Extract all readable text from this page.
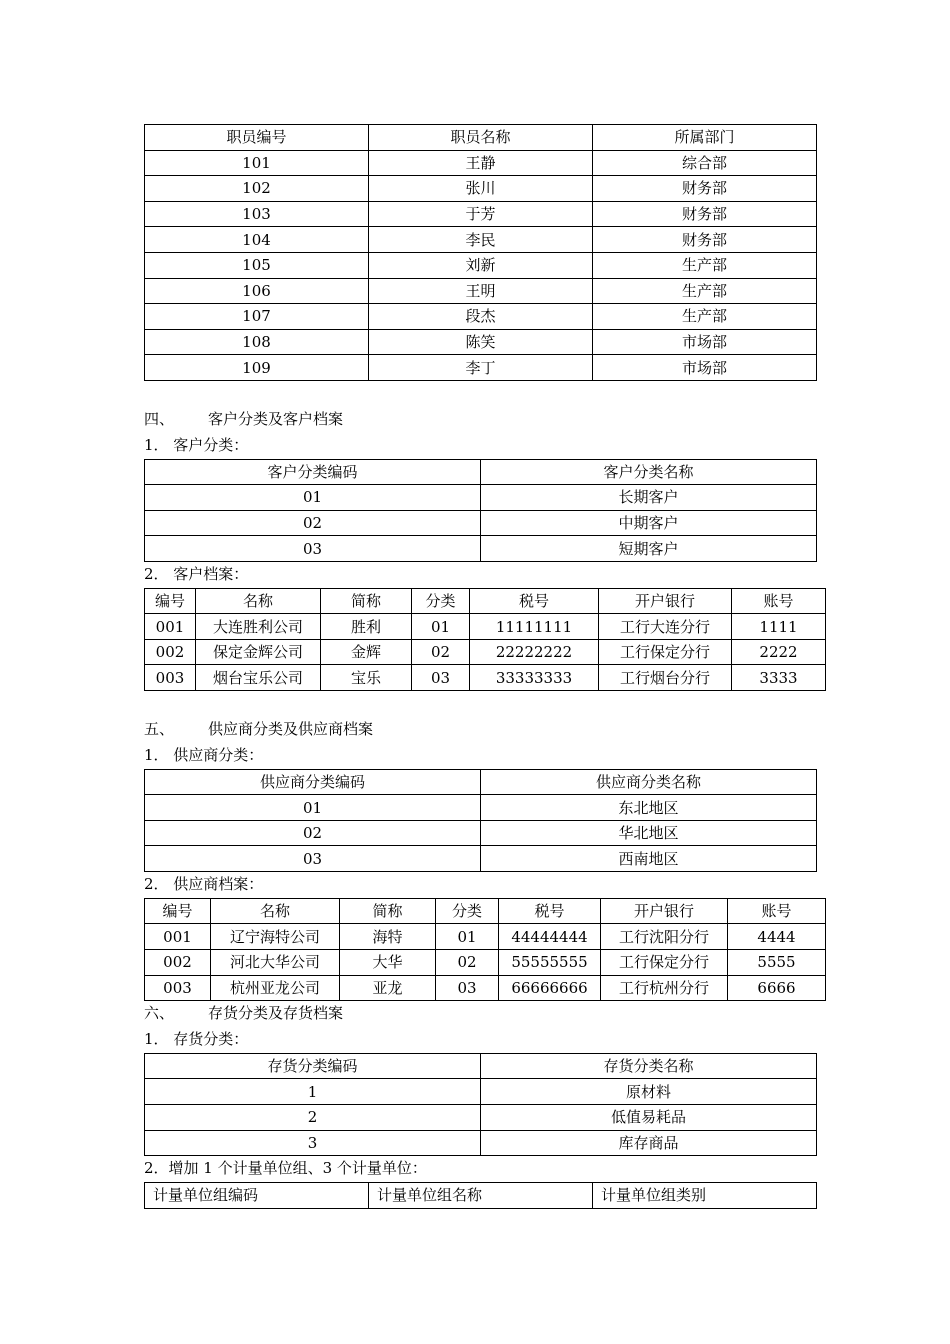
职员编号	职员名称	所属部门
101	王静	综合部
102	张川	财务部
103	于芳	财务部
104	李民	财务部
105	刘新	生产部
106	王明	生产部
107	段杰	生产部
108	陈笑	市场部
109	李丁	市场部
四、 客户分类及客户档案
1． 客户分类：
客户分类编码	客户分类名称
01	长期客户
02	中期客户
03	短期客户
2． 客户档案：
编号	名称	简称	分类	税号	开户银行	账号
001	大连胜利公司	胜利	01	11111111	工行大连分行	1111
002	保定金辉公司	金辉	02	22222222	工行保定分行	2222
003	烟台宝乐公司	宝乐	03	33333333	工行烟台分行	3333
五、 供应商分类及供应商档案
1． 供应商分类：
供应商分类编码	供应商分类名称
01	东北地区
02	华北地区
03	西南地区
2． 供应商档案：
编号	名称	简称	分类	税号	开户银行	账号
001	辽宁海特公司	海特	01	44444444	工行沈阳分行	4444
002	河北大华公司	大华	02	55555555	工行保定分行	5555
003	杭州亚龙公司	亚龙	03	66666666	工行杭州分行	6666
六、 存货分类及存货档案
1． 存货分类：
存货分类编码	存货分类名称
1	原材料
2	低值易耗品
3	库存商品
2．增加 1 个计量单位组、3 个计量单位：
计量单位组编码	计量单位组名称	计量单位组类别
